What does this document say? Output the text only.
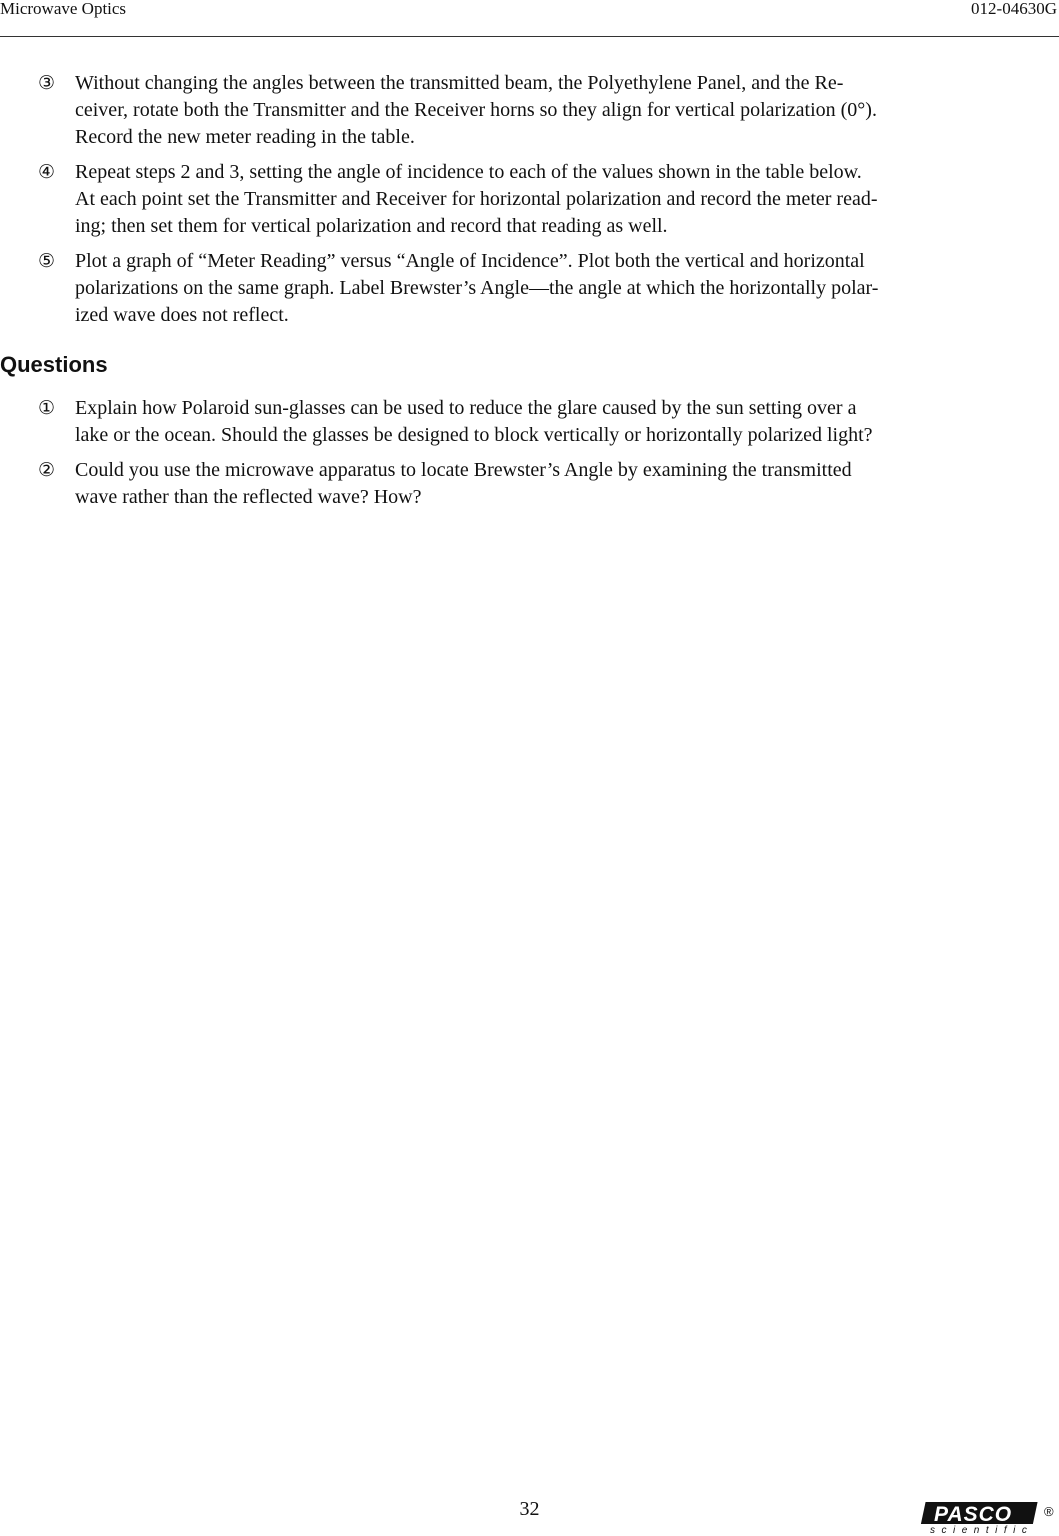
Microwave Optics	012-04630G
③ Without changing the angles between the transmitted beam, the Polyethylene Panel, and the Re-
ceiver, rotate both the Transmitter and the Receiver horns so they align for vertical polarization (0°).
Record the new meter reading in the table.
④ Repeat steps 2 and 3, setting the angle of incidence to each of the values shown in the table below.
At each point set the Transmitter and Receiver for horizontal polarization and record the meter read-
ing; then set them for vertical polarization and record that reading as well.
⑤ Plot a graph of “Meter Reading” versus “Angle of Incidence”. Plot both the vertical and horizontal
polarizations on the same graph. Label Brewster’s Angle—the angle at which the horizontally polar-
ized wave does not reflect.
Questions
① Explain how Polaroid sun-glasses can be used to reduce the glare caused by the sun setting over a
lake or the ocean. Should the glasses be designed to block vertically or horizontally polarized light?
② Could you use the microwave apparatus to locate Brewster’s Angle by examining the transmitted
wave rather than the reflected wave? How?
32	PASCO
scientific
®
